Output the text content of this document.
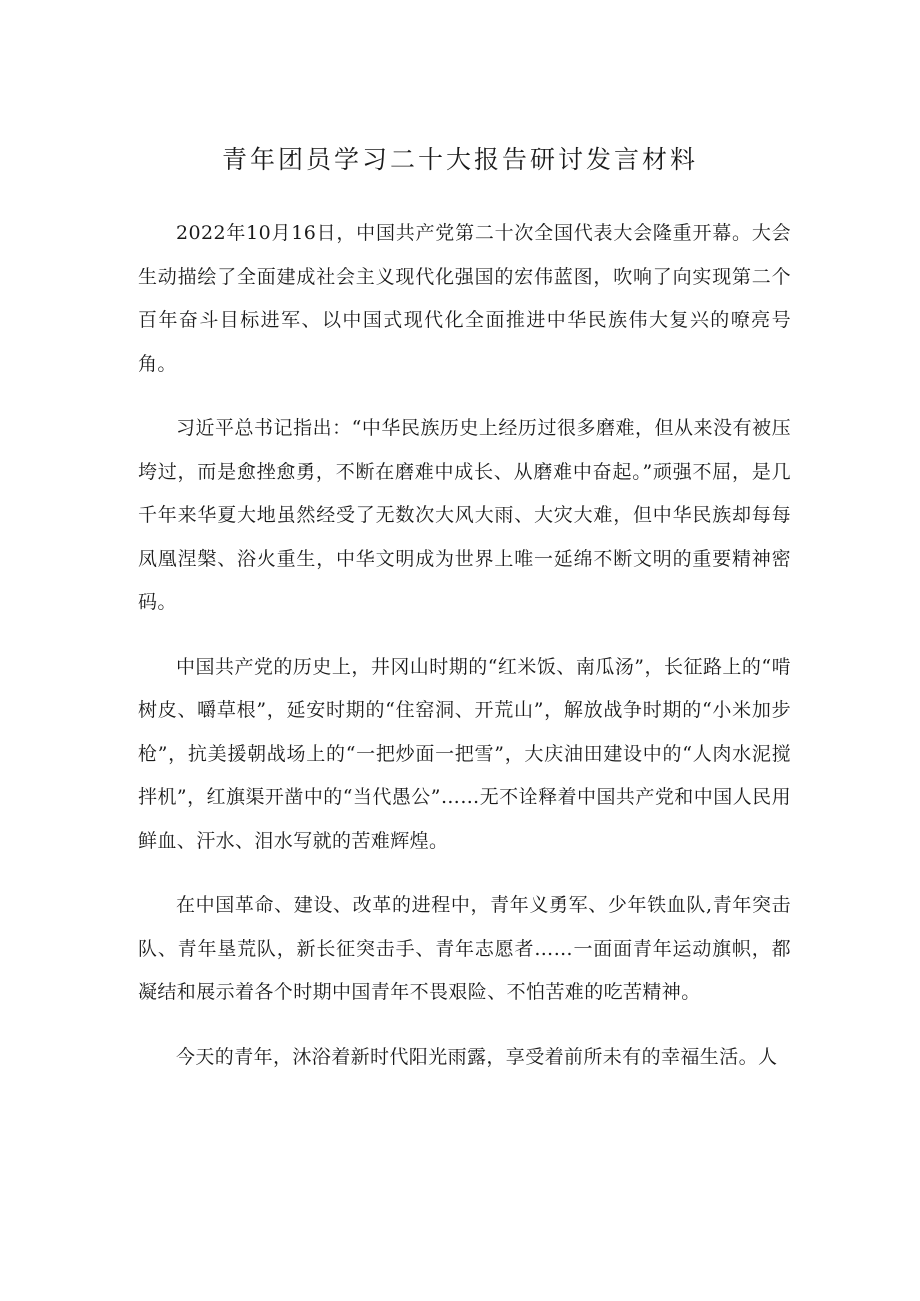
青年团员学习二十大报告研讨发言材料

2022年10月16日，中国共产党第二十次全国代表大会隆重开幕。大会生动描绘了全面建成社会主义现代化强国的宏伟蓝图，吹响了向实现第二个百年奋斗目标进军、以中国式现代化全面推进中华民族伟大复兴的嘹亮号角。

习近平总书记指出：“中华民族历史上经历过很多磨难，但从来没有被压垮过，而是愈挫愈勇，不断在磨难中成长、从磨难中奋起。”顽强不屈，是几千年来华夏大地虽然经受了无数次大风大雨、大灾大难，但中华民族却每每凤凰涅槃、浴火重生，中华文明成为世界上唯一延绵不断文明的重要精神密码。

中国共产党的历史上，井冈山时期的“红米饭、南瓜汤”，长征路上的“啃树皮、嚼草根”，延安时期的“住窑洞、开荒山”，解放战争时期的“小米加步枪”，抗美援朝战场上的“一把炒面一把雪”，大庆油田建设中的“人肉水泥搅拌机”，红旗渠开凿中的“当代愚公”……无不诠释着中国共产党和中国人民用鲜血、汗水、泪水写就的苦难辉煌。

在中国革命、建设、改革的进程中，青年义勇军、少年铁血队,青年突击队、青年垦荒队，新长征突击手、青年志愿者……一面面青年运动旗帜，都凝结和展示着各个时期中国青年不畏艰险、不怕苦难的吃苦精神。

今天的青年，沐浴着新时代阳光雨露，享受着前所未有的幸福生活。人
